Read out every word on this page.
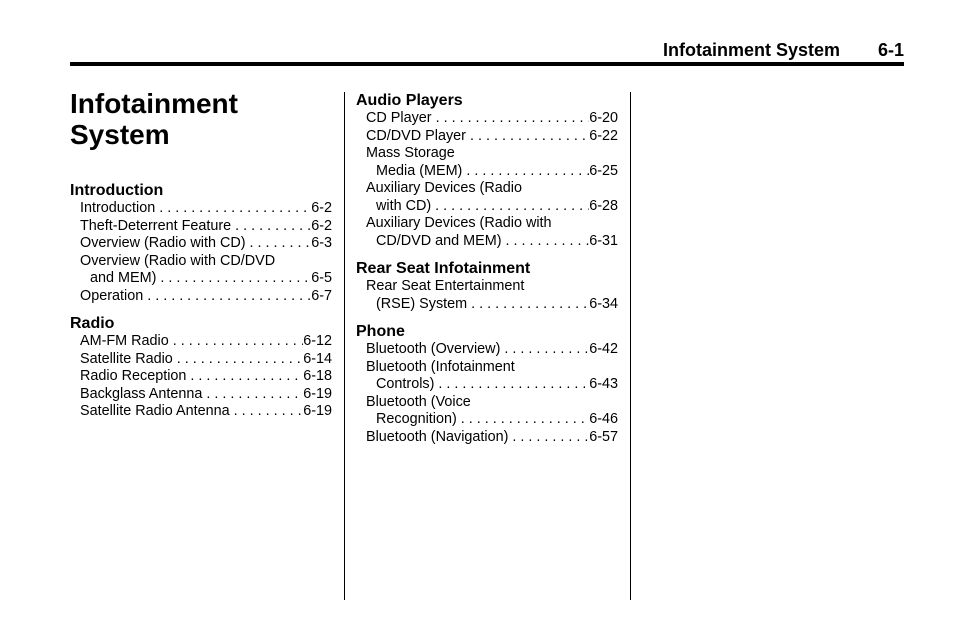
Infotainment System 6-1
Infotainment
System
Introduction
Introduction . . .	6-2
Theft-Deterrent Feature . . .	6-2
Overview (Radio with CD) . . .	6-3
Overview (Radio with CD/DVD
and MEM) . . .	6-5
Operation . . .	6-7
Radio
AM-FM Radio . . .	6-12
Satellite Radio . . .	6-14
Radio Reception . . .	6-18
Backglass Antenna . . .	6-19
Satellite Radio Antenna . . .	6-19
Audio Players
CD Player . . .	6-20
CD/DVD Player . . .	6-22
Mass Storage
Media (MEM) . . .	6-25
Auxiliary Devices (Radio
with CD) . . .	6-28
Auxiliary Devices (Radio with
CD/DVD and MEM) . . .	6-31
Rear Seat Infotainment
Rear Seat Entertainment
(RSE) System . . .	6-34
Phone
Bluetooth (Overview) . . .	6-42
Bluetooth (Infotainment
Controls) . . .	6-43
Bluetooth (Voice
Recognition) . . .	6-46
Bluetooth (Navigation) . . .	6-57
